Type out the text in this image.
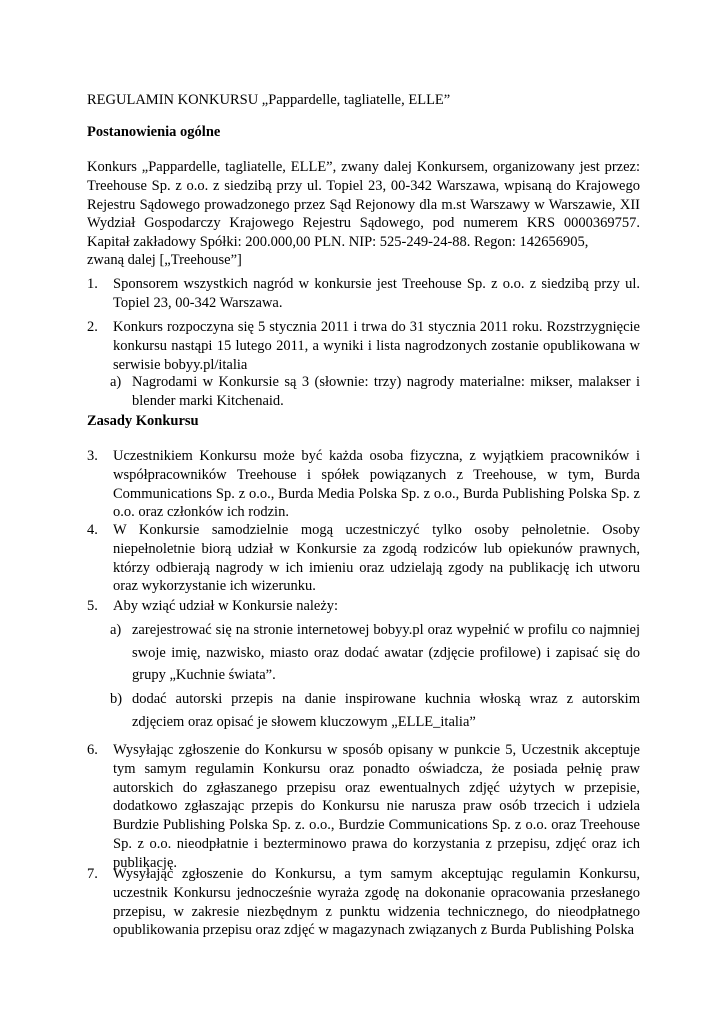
REGULAMIN KONKURSU „Pappardelle, tagliatelle, ELLE”
Postanowienia ogólne
Konkurs „Pappardelle, tagliatelle, ELLE”, zwany dalej Konkursem, organizowany jest przez: Treehouse Sp. z o.o. z siedzibą przy ul. Topiel 23, 00-342 Warszawa, wpisaną do Krajowego Rejestru Sądowego prowadzonego przez Sąd Rejonowy dla m.st Warszawy w Warszawie, XII Wydział Gospodarczy Krajowego Rejestru Sądowego, pod numerem KRS 0000369757. Kapitał zakładowy Spółki: 200.000,00 PLN. NIP: 525-249-24-88. Regon: 142656905,
zwaną dalej [„Treehouse”]
1. Sponsorem wszystkich nagród w konkursie jest Treehouse Sp. z o.o. z siedzibą przy ul. Topiel 23, 00-342 Warszawa.
2. Konkurs rozpoczyna się 5 stycznia 2011 i trwa do 31 stycznia 2011 roku. Rozstrzygnięcie konkursu nastąpi 15 lutego 2011, a wyniki i lista nagrodzonych zostanie opublikowana w serwisie bobyy.pl/italia
a) Nagrodami w Konkursie są 3 (słownie: trzy) nagrody materialne: mikser, malakser i blender marki Kitchenaid.
Zasady Konkursu
3. Uczestnikiem Konkursu może być każda osoba fizyczna, z wyjątkiem pracowników i współpracowników Treehouse i spółek powiązanych z Treehouse, w tym, Burda Communications Sp. z o.o., Burda Media Polska Sp. z o.o., Burda Publishing Polska Sp. z o.o. oraz członków ich rodzin.
4. W Konkursie samodzielnie mogą uczestniczyć tylko osoby pełnoletnie. Osoby niepełnoletnie biorą udział w Konkursie za zgodą rodziców lub opiekunów prawnych, którzy odbierają nagrody w ich imieniu oraz udzielają zgody na publikację ich utworu oraz wykorzystanie ich wizerunku.
5. Aby wziąć udział w Konkursie należy:
a) zarejestrować się na stronie internetowej bobyy.pl oraz wypełnić w profilu co najmniej swoje imię, nazwisko, miasto oraz dodać awatar (zdjęcie profilowe) i zapisać się do grupy „Kuchnie świata”.
b) dodać autorski przepis na danie inspirowane kuchnia włoską wraz z autorskim zdjęciem oraz opisać je słowem kluczowym „ELLE_italia”
6. Wysyłając zgłoszenie do Konkursu w sposób opisany w punkcie 5, Uczestnik akceptuje tym samym regulamin Konkursu oraz ponadto oświadcza, że posiada pełnię praw autorskich do zgłaszanego przepisu oraz ewentualnych zdjęć użytych w przepisie, dodatkowo zgłaszając przepis do Konkursu nie narusza praw osób trzecich i udziela Burdzie Publishing Polska Sp. z. o.o., Burdzie Communications Sp. z o.o. oraz Treehouse Sp. z o.o. nieodpłatnie i bezterminowo prawa do korzystania z przepisu, zdjęć oraz ich publikację.
7. Wysyłając zgłoszenie do Konkursu, a tym samym akceptując regulamin Konkursu, uczestnik Konkursu jednocześnie wyraża zgodę na dokonanie opracowania przesłanego przepisu, w zakresie niezbędnym z punktu widzenia technicznego, do nieodpłatnego opublikowania przepisu oraz zdjęć w magazynach związanych z Burda Publishing Polska
